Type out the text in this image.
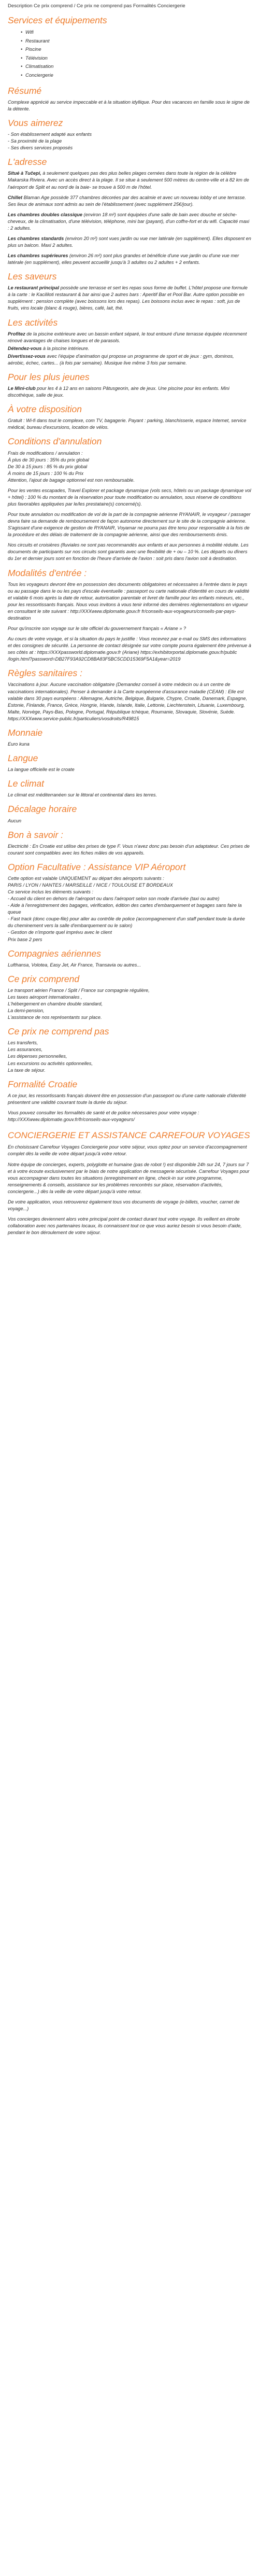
Description Ce prix comprend / Ce prix ne comprend pas Formalités Conciergerie

Services et équipements
• Wifi
• Restaurant
• Piscine
• Télévision
• Climatisation
• Conciergerie
Résumé

Complexe apprécié au service impeccable et à la situation idyllique. Pour des vacances en famille sous le signe de la détente.

Vous aimerez

- Son établissement adapté aux enfants
- Sa proximité de la plage
- Ses divers services proposés

L'adresse

Situé à Tučepi, à seulement quelques pas des plus belles plages cernées dans toute la région de la célèbre Makarska Riviera. Avec un accès direct à la plage. Il se situe à seulement 500 mètres du centre-ville et à 82 km de l'aéroport de Split et au nord de la baie- se trouve à 500 m de l'hôtel.

Chillet Blaman Age possède 377 chambres décorées par des acalmie et avec un nouveau lobby et une terrasse. Ses lieux de animaux sont admis au sein de l'établissement (avec supplément 25€/jour).

Les chambres doubles classique (environ 18 m²) sont équipées d'une salle de bain avec douche et sèche-cheveux, de la climatisation, d'une télévision, téléphone, mini bar (payant), d'un coffre-fort et du wifi. Capacité maxi : 2 adultes.

Les chambres standards (environ 20 m²) sont vues jardin ou vue mer latérale (en supplément). Elles disposent en plus un balcon. Maxi 2 adultes.

Les chambres supérieures (environ 26 m²) sont plus grandes et bénéficie d'une vue jardin ou d'une vue mer latérale (en supplément), elles peuvent accueillir jusqu'à 3 adultes ou 2 adultes + 2 enfants.

Les saveurs

Le restaurant principal possède une terrasse et sert les repas sous forme de buffet. L'hôtel propose une formule à la carte : le Kacililoti restaurant & bar ainsi que 2 autres bars : Aperitif Bar et Pool Bar. Autre option possible en supplément : pension complète (avec boissons lors des repas). Les boissons inclus avec le repas : soft, jus de fruits, vins locale (blanc & rouge), bières, café, lait, thé.

Les activités

Profitez de la piscine extérieure avec un bassin enfant séparé, le tout entouré d'une terrasse équipée récemment rénové avantages de chaises longues et de parasols.

Détendez-vous à la piscine intérieure.

Divertissez-vous avec l'équipe d'animation qui propose un programme de sport et de jeux : gym, dominos, aérobic, échec, cartes... (à fois par semaine). Musique live même 3 fois par semaine.

Pour les plus jeunes

Le Mini-club pour les 4 à 12 ans en saisons Pâtusgeorin, aire de jeux. Une piscine pour les enfants. Mini discothèque, salle de jeux.

À votre disposition

Gratuit : Wi-fi dans tout le complexe, com TV, bagagerie. Payant : parking, blanchisserie, espace Internet, service médical, bureau d'excursions, location de vélos.

Conditions d'annulation

Frais de modifications / annulation :
À plus de 30 jours : 35% du prix global
De 30 à 15 jours : 85 % du prix global
À moins de 15 jours : 100 % du Prix
Attention, l'ajout de bagage optionnel est non remboursable.

Pour les ventes escapades, Travel Explorer et package dynamique (vols secs, hôtels ou un package dynamique vol + hôtel) : 100 % du montant de la réservation pour toute modification ou annulation, sous réserve de conditions plus favorables appliquées par le/les prestataire(s) concerné(s).

Pour toute annulation ou modification de vol de la part de la compagnie aérienne RYANAIR, le voyageur / passager devra faire sa demande de remboursement de façon autonome directement sur le site de la compagnie aérienne. S'agissant d'une exigence de gestion de RYANAIR, Voyamar ne pourra pas être tenu pour responsable à la fois de la procédure et des délais de traitement de la compagnie aérienne, ainsi que des remboursements émis.

Nos circuits et croisières (fluviales ne sont pas recommandés aux enfants et aux personnes à mobilité réduite. Les documents de participants sur nos circuits sont garantis avec une flexibilité de + ou – 10 %. Les départs ou dîners du 1er et dernier jours sont en fonction de l'heure d'arrivée de l'avion : soit pris dans l'avion soit à destination.

Modalités d'entrée :

Tous les voyageurs devront être en possession des documents obligatoires et nécessaires à l'entrée dans le pays ou au passage dans le ou les pays d'escale éventuelle : passeport ou carte nationale d'identité en cours de validité et valable 6 mois après la date de retour, autorisation parentale et livret de famille pour les enfants mineurs, etc., pour les ressortissants français. Nous vous invitons à vous tenir informé des dernières réglementations en vigueur en consultant le site suivant : http://XXXwww.diplomatie.gouv.fr fr/conseils-aux-voyageurs/conseils-par-pays-destination

Pour qu'inscrire son voyage sur le site officiel du gouvernement français « Ariane » ?

Au cours de votre voyage, et si la situation du pays le justifie : Vous recevrez par e-mail ou SMS des informations et des consignes de sécurité. La personne de contact désignée sur votre compte pourra également être prévenue à ses côtés at : https://XXXpassworld.diplomatie.gouv.fr (Ariane) https://exhibitorportal.diplomatie.gouv.fr/public /login.html?password=DB27F93A92CD8BA83F5BC5CDD15369F5A1&year=2019

Règles sanitaires :

Vaccinations à jour. Aucune vaccination obligatoire (Demandez conseil à votre médecin ou à un centre de vaccinations internationales). Penser à demander à la Carte européenne d'assurance maladie (CEAM) : Elle est valable dans 30 pays européens : Allemagne, Autriche, Belgique, Bulgarie, Chypre, Croatie, Danemark, Espagne, Estonie, Finlande, France, Grèce, Hongrie, Irlande, Islande, Italie, Lettonie, Liechtenstein, Lituanie, Luxembourg, Malte, Norvège, Pays-Bas, Pologne, Portugal, République tchèque, Roumanie, Slovaquie, Slovénie, Suède. https://XXXwww.service-public.fr/particuliers/vosdroits/R49815

Monnaie

Euro kuna

Langue

La langue officielle est le croate

Le climat

Le climat est méditerranéen sur le littoral et continental dans les terres.

Décalage horaire

Aucun

Bon à savoir :

Electricité : En Croatie est utilise des prises de type F. Vous n'avez donc pas besoin d'un adaptateur. Ces prises de courant sont compatibles avec les fiches mâles de vos appareils.

Option Facultative : Assistance VIP Aéroport

Cette option est valable UNIQUEMENT au départ des aéroports suivants :
PARIS / LYON / NANTES / MARSEILLE / NICE / TOULOUSE ET BORDEAUX
Ce service inclus les éléments suivants :
- Accueil du client en dehors de l'aéroport ou dans l'aéroport selon son mode d'arrivée (taxi ou autre)
- Aide à l'enregistrement des bagages, vérification, édition des cartes d'embarquement et bagages sans faire la queue
- Fast track (donc coupe-file) pour aller au contrôle de police (accompagnement d'un staff pendant toute la durée du cheminement vers la salle d'embarquement ou le salon)
- Gestion de n'importe quel imprévu avec le client
Prix base 2 pers

Compagnies aériennes

Lufthansa, Volotea, Easy Jet, Air France, Transavia ou autres...

Ce prix comprend

Le transport aérien France / Split / France sur compagnie régulière,
Les taxes aéroport internationales ,
L'hébergement en chambre double standard,
La demi-pension,
L'assistance de nos représentants sur place.

Ce prix ne comprend pas

Les transferts,
Les assurances,
Les dépenses personnelles,
Les excursions ou activités optionnelles,
La taxe de séjour.

Formalité Croatie

A ce jour, les ressortissants français doivent être en possession d'un passeport ou d'une carte nationale d'identité présentent une validité couvrant toute la durée du séjour.

Vous pouvez consulter les formalités de santé et de police nécessaires pour votre voyage : http://XXXwww.diplomatie.gouv.fr/fr/conseils-aux-voyageurs/

CONCIERGERIE ET ASSISTANCE CARREFOUR VOYAGES

En choisissant Carrefour Voyages Conciergerie pour votre séjour, vous optez pour un service d'accompagnement complet dès la veille de votre départ jusqu'à votre retour.

Notre équipe de concierges, experts, polyglotte et humaine (pas de robot !) est disponible 24h sur 24, 7 jours sur 7 et à votre écoute exclusivement par le biais de notre application de messagerie sécurisée. Carrefour Voyages pour vous accompagner dans toutes les situations (enregistrement en ligne, check-in sur votre programme, renseignements & conseils, assistance sur les problèmes rencontrés sur place, réservation d'activités, conciergerie...) dès la veille de votre départ jusqu'à votre retour.

De votre application, vous retrouverez également tous vos documents de voyage (e-billets, voucher, carnet de voyage...)

Vos concierges deviennent alors votre principal point de contact durant tout votre voyage. Ils veillent en étroite collaboration avec nos partenaires locaux, ils connaissent tout ce que vous auriez besoin si vous besoin d'aide, pendant le bon déroulement de votre séjour.
